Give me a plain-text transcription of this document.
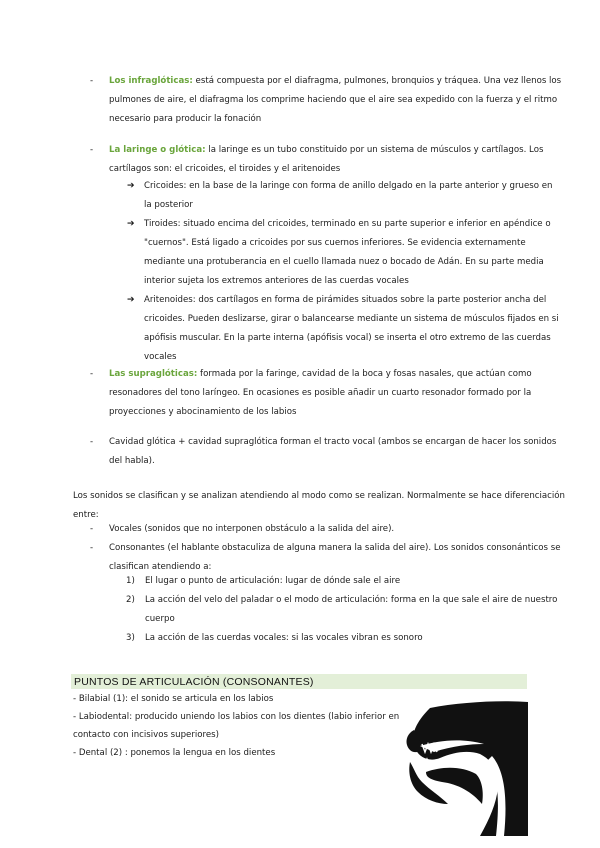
- Los infraglóticas: está compuesta por el diafragma, pulmones, bronquios y tráquea. Una vez llenos los
pulmones de aire, el diafragma los comprime haciendo que el aire sea expedido con la fuerza y el ritmo
necesario para producir la fonación
- La laringe o glótica: la laringe es un tubo constituido por un sistema de músculos y cartílagos. Los
cartílagos son: el cricoides, el tiroides y el aritenoides
➔ Cricoides: en la base de la laringe con forma de anillo delgado en la parte anterior y grueso en
la posterior
➔ Tiroides: situado encima del cricoides, terminado en su parte superior e inferior en apéndice o
"cuernos". Está ligado a cricoides por sus cuernos inferiores. Se evidencia externamente
mediante una protuberancia en el cuello llamada nuez o bocado de Adán. En su parte media
interior sujeta los extremos anteriores de las cuerdas vocales
➔ Aritenoides: dos cartílagos en forma de pirámides situados sobre la parte posterior ancha del
cricoides. Pueden deslizarse, girar o balancearse mediante un sistema de músculos fijados en si
apófisis muscular. En la parte interna (apófisis vocal) se inserta el otro extremo de las cuerdas
vocales
- Las supraglóticas: formada por la faringe, cavidad de la boca y fosas nasales, que actúan como
resonadores del tono laríngeo. En ocasiones es posible añadir un cuarto resonador formado por la
proyecciones y abocinamiento de los labios
- Cavidad glótica + cavidad supraglótica forman el tracto vocal (ambos se encargan de hacer los sonidos
del habla).
Los sonidos se clasifican y se analizan atendiendo al modo como se realizan. Normalmente se hace diferenciación
entre:
- Vocales (sonidos que no interponen obstáculo a la salida del aire).
- Consonantes (el hablante obstaculiza de alguna manera la salida del aire). Los sonidos consonánticos se
clasifican atendiendo a:
1) El lugar o punto de articulación: lugar de dónde sale el aire
2) La acción del velo del paladar o el modo de articulación: forma en la que sale el aire de nuestro
cuerpo
3) La acción de las cuerdas vocales: si las vocales vibran es sonoro
PUNTOS DE ARTICULACIÓN (CONSONANTES)
- Bilabial (1): el sonido se articula en los labios
- Labiodental: producido uniendo los labios con los dientes (labio inferior en
contacto con incisivos superiores)
- Dental (2) : ponemos la lengua en los dientes
